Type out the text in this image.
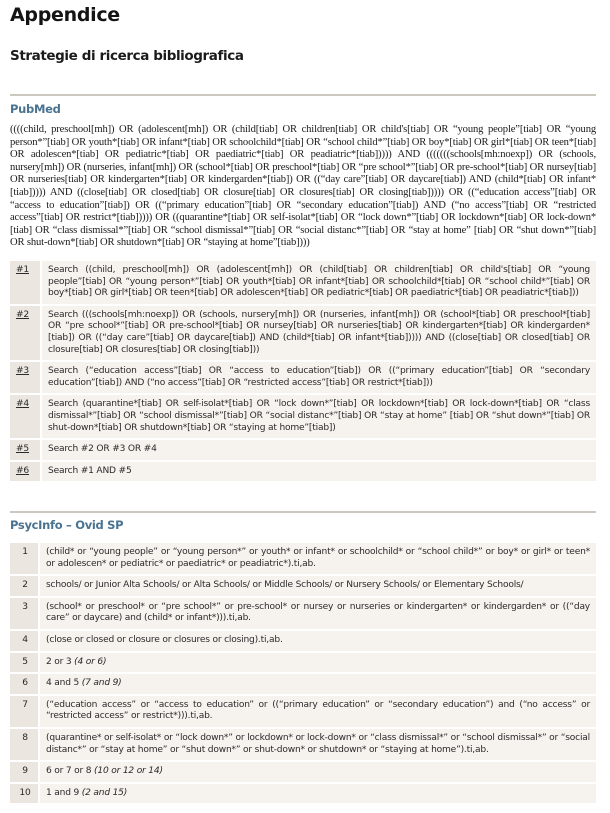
Appendice
Strategie di ricerca bibliografica
PubMed

((((child, preschool[mh]) OR (adolescent[mh]) OR (child[tiab] OR children[tiab] OR child's[tiab] OR “young people”[tiab] OR “young person*”[tiab] OR youth*[tiab] OR infant*[tiab] OR schoolchild*[tiab] OR “school child*”[tiab] OR boy*[tiab] OR girl*[tiab] OR teen*[tiab] OR adolescen*[tiab] OR pediatric*[tiab] OR paediatric*[tiab] OR peadiatric*[tiab])))) AND (((((((schools[mh:noexp]) OR (schools, nursery[mh]) OR (nurseries, infant[mh]) OR (school*[tiab] OR preschool*[tiab] OR “pre school*”[tiab] OR pre-school*[tiab] OR nursey[tiab] OR nurseries[tiab] OR kindergarten*[tiab] OR kindergarden*[tiab]) OR ((“day care”[tiab] OR daycare[tiab]) AND (child*[tiab] OR infant*[tiab])))) AND ((close[tiab] OR closed[tiab] OR closure[tiab] OR closures[tiab] OR closing[tiab])))) OR ((“education access”[tiab] OR “access to education”[tiab]) OR ((“primary education”[tiab] OR “secondary education”[tiab]) AND (“no access”[tiab] OR “restricted access”[tiab] OR restrict*[tiab])))) OR ((quarantine*[tiab] OR self-isolat*[tiab] OR “lock down*”[tiab] OR lockdown*[tiab] OR lock-down*[tiab] OR “class dismissal*”[tiab] OR “school dismissal*”[tiab] OR “social distanc*”[tiab] OR “stay at home” [tiab] OR “shut down*”[tiab] OR shut-down*[tiab] OR shutdown*[tiab] OR “staying at home”[tiab])))

#1	Search ((child, preschool[mh]) OR (adolescent[mh]) OR (child[tiab] OR children[tiab] OR child's[tiab] OR “young people”[tiab] OR “young person*”[tiab] OR youth*[tiab] OR infant*[tiab] OR schoolchild*[tiab] OR “school child*”[tiab] OR boy*[tiab] OR girl*[tiab] OR teen*[tiab] OR adolescen*[tiab] OR pediatric*[tiab] OR paediatric*[tiab] OR peadiatric*[tiab]))
#2	Search (((schools[mh:noexp]) OR (schools, nursery[mh]) OR (nurseries, infant[mh]) OR (school*[tiab] OR preschool*[tiab] OR “pre school*”[tiab] OR pre-school*[tiab] OR nursey[tiab] OR nurseries[tiab] OR kindergarten*[tiab] OR kindergarden*[tiab]) OR ((“day care”[tiab] OR daycare[tiab]) AND (child*[tiab] OR infant*[tiab])))) AND ((close[tiab] OR closed[tiab] OR closure[tiab] OR closures[tiab] OR closing[tiab]))
#3	Search (“education access”[tiab] OR “access to education”[tiab]) OR ((“primary education”[tiab] OR “secondary education”[tiab]) AND (“no access”[tiab] OR “restricted access”[tiab] OR restrict*[tiab]))
#4	Search (quarantine*[tiab] OR self-isolat*[tiab] OR “lock down*”[tiab] OR lockdown*[tiab] OR lock-down*[tiab] OR “class dismissal*”[tiab] OR “school dismissal*”[tiab] OR “social distanc*”[tiab] OR “stay at home” [tiab] OR “shut down*”[tiab] OR shut-down*[tiab] OR shutdown*[tiab] OR “staying at home”[tiab])
#5	Search #2 OR #3 OR #4
#6	Search #1 AND #5
PsycInfo – Ovid SP
1	(child* or “young people” or “young person*” or youth* or infant* or schoolchild* or “school child*” or boy* or girl* or teen* or adolescen* or pediatric* or paediatric* or peadiatric*).ti,ab.
2	schools/ or Junior Alta Schools/ or Alta Schools/ or Middle Schools/ or Nursery Schools/ or Elementary Schools/
3	(school* or preschool* or “pre school*” or pre-school* or nursey or nurseries or kindergarten* or kindergarden* or ((“day care” or daycare) and (child* or infant*))).ti,ab.
4	(close or closed or closure or closures or closing).ti,ab.
5	2 or 3 (4 or 6)
6	4 and 5 (7 and 9)
7	(“education access” or “access to education” or ((“primary education” or “secondary education”) and (“no access” or “restricted access” or restrict*))).ti,ab.
8	(quarantine* or self-isolat* or “lock down*” or lockdown* or lock-down* or “class dismissal*” or “school dismissal*” or “social distanc*” or “stay at home” or “shut down*” or shut-down* or shutdown* or “staying at home”).ti,ab.
9	6 or 7 or 8 (10 or 12 or 14)
10	1 and 9 (2 and 15)
